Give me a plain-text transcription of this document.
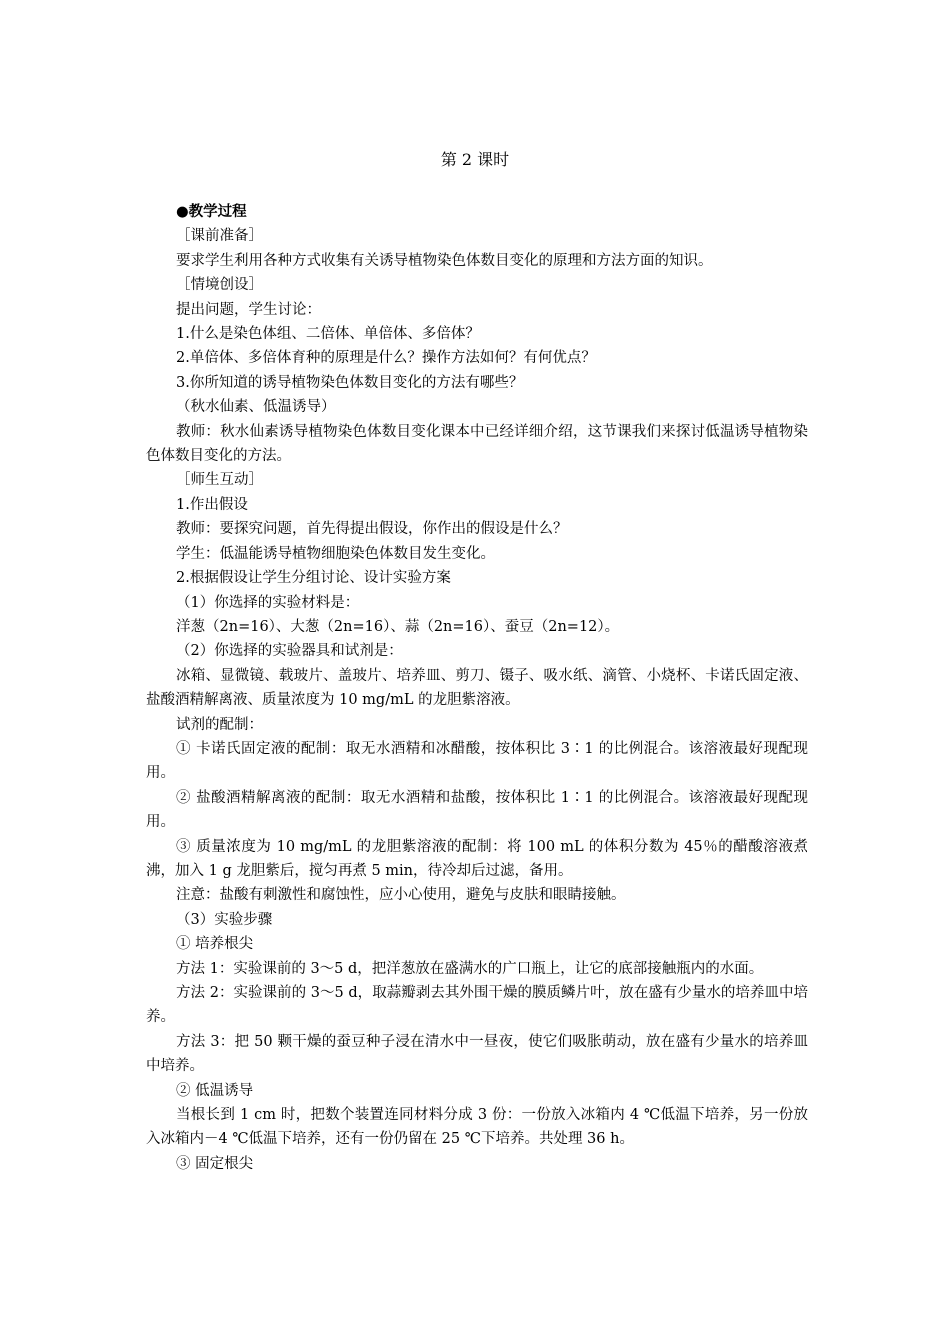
第 2 课时

●教学过程

［课前准备］

要求学生利用各种方式收集有关诱导植物染色体数目变化的原理和方法方面的知识。

［情境创设］

提出问题，学生讨论：

1.什么是染色体组、二倍体、单倍体、多倍体？

2.单倍体、多倍体育种的原理是什么？操作方法如何？有何优点？

3.你所知道的诱导植物染色体数目变化的方法有哪些？

（秋水仙素、低温诱导）

教师：秋水仙素诱导植物染色体数目变化课本中已经详细介绍，这节课我们来探讨低温诱导植物染色体数目变化的方法。

［师生互动］

1.作出假设

教师：要探究问题，首先得提出假设，你作出的假设是什么？

学生：低温能诱导植物细胞染色体数目发生变化。

2.根据假设让学生分组讨论、设计实验方案

（1）你选择的实验材料是：

洋葱（2n=16）、大葱（2n=16）、蒜（2n=16）、蚕豆（2n=12）。

（2）你选择的实验器具和试剂是：

冰箱、显微镜、载玻片、盖玻片、培养皿、剪刀、镊子、吸水纸、滴管、小烧杯、卡诺氏固定液、盐酸酒精解离液、质量浓度为 10 mg/mL 的龙胆紫溶液。

试剂的配制：

① 卡诺氏固定液的配制：取无水酒精和冰醋酸，按体积比 3∶1 的比例混合。该溶液最好现配现用。

② 盐酸酒精解离液的配制：取无水酒精和盐酸，按体积比 1∶1 的比例混合。该溶液最好现配现用。

③ 质量浓度为 10 mg/mL 的龙胆紫溶液的配制：将 100 mL 的体积分数为 45％的醋酸溶液煮沸，加入 1 g 龙胆紫后，搅匀再煮 5 min，待冷却后过滤，备用。

注意：盐酸有刺激性和腐蚀性，应小心使用，避免与皮肤和眼睛接触。

（3）实验步骤

① 培养根尖

方法 1：实验课前的 3～5 d，把洋葱放在盛满水的广口瓶上，让它的底部接触瓶内的水面。

方法 2：实验课前的 3～5 d，取蒜瓣剥去其外围干燥的膜质鳞片叶，放在盛有少量水的培养皿中培养。

方法 3：把 50 颗干燥的蚕豆种子浸在清水中一昼夜，使它们吸胀萌动，放在盛有少量水的培养皿中培养。

② 低温诱导

当根长到 1 cm 时，把数个装置连同材料分成 3 份：一份放入冰箱内 4 ℃低温下培养，另一份放入冰箱内－4 ℃低温下培养，还有一份仍留在 25 ℃下培养。共处理 36 h。

③ 固定根尖
